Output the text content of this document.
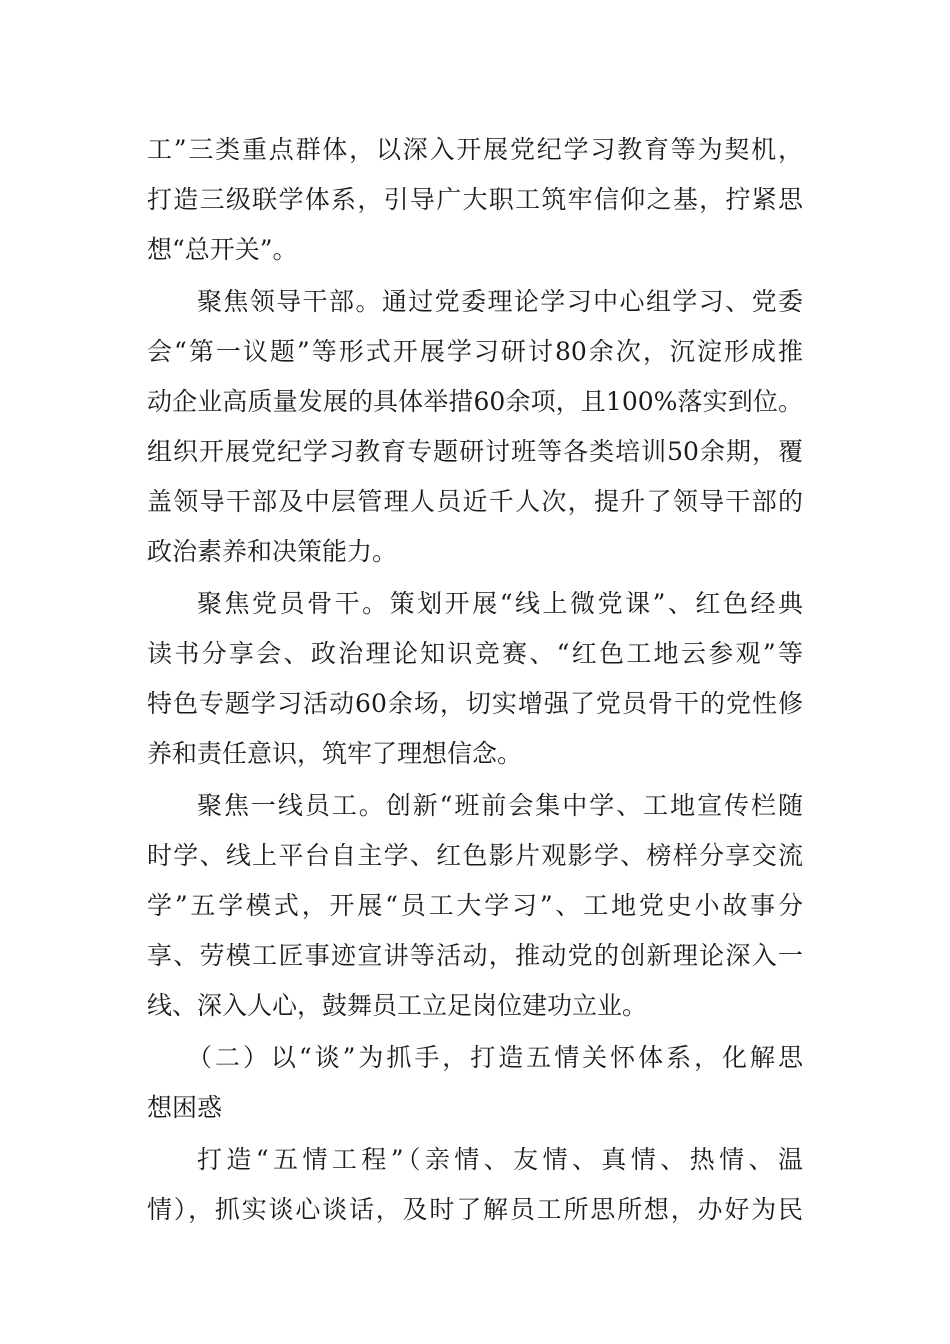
工”三类重点群体，以深入开展党纪学习教育等为契机，
打造三级联学体系，引导广大职工筑牢信仰之基，拧紧思
想“总开关”。
聚焦领导干部。通过党委理论学习中心组学习、党委
会“第一议题”等形式开展学习研讨80余次，沉淀形成推
动企业高质量发展的具体举措60余项，且100%落实到位。
组织开展党纪学习教育专题研讨班等各类培训50余期，覆
盖领导干部及中层管理人员近千人次，提升了领导干部的
政治素养和决策能力。
聚焦党员骨干。策划开展“线上微党课”、红色经典
读书分享会、政治理论知识竞赛、“红色工地云参观”等
特色专题学习活动60余场，切实增强了党员骨干的党性修
养和责任意识，筑牢了理想信念。
聚焦一线员工。创新“班前会集中学、工地宣传栏随
时学、线上平台自主学、红色影片观影学、榜样分享交流
学”五学模式，开展“员工大学习”、工地党史小故事分
享、劳模工匠事迹宣讲等活动，推动党的创新理论深入一
线、深入人心，鼓舞员工立足岗位建功立业。
（二）以“谈”为抓手，打造五情关怀体系，化解思
想困惑
打造“五情工程”（亲情、友情、真情、热情、温
情），抓实谈心谈话，及时了解员工所思所想，办好为民
